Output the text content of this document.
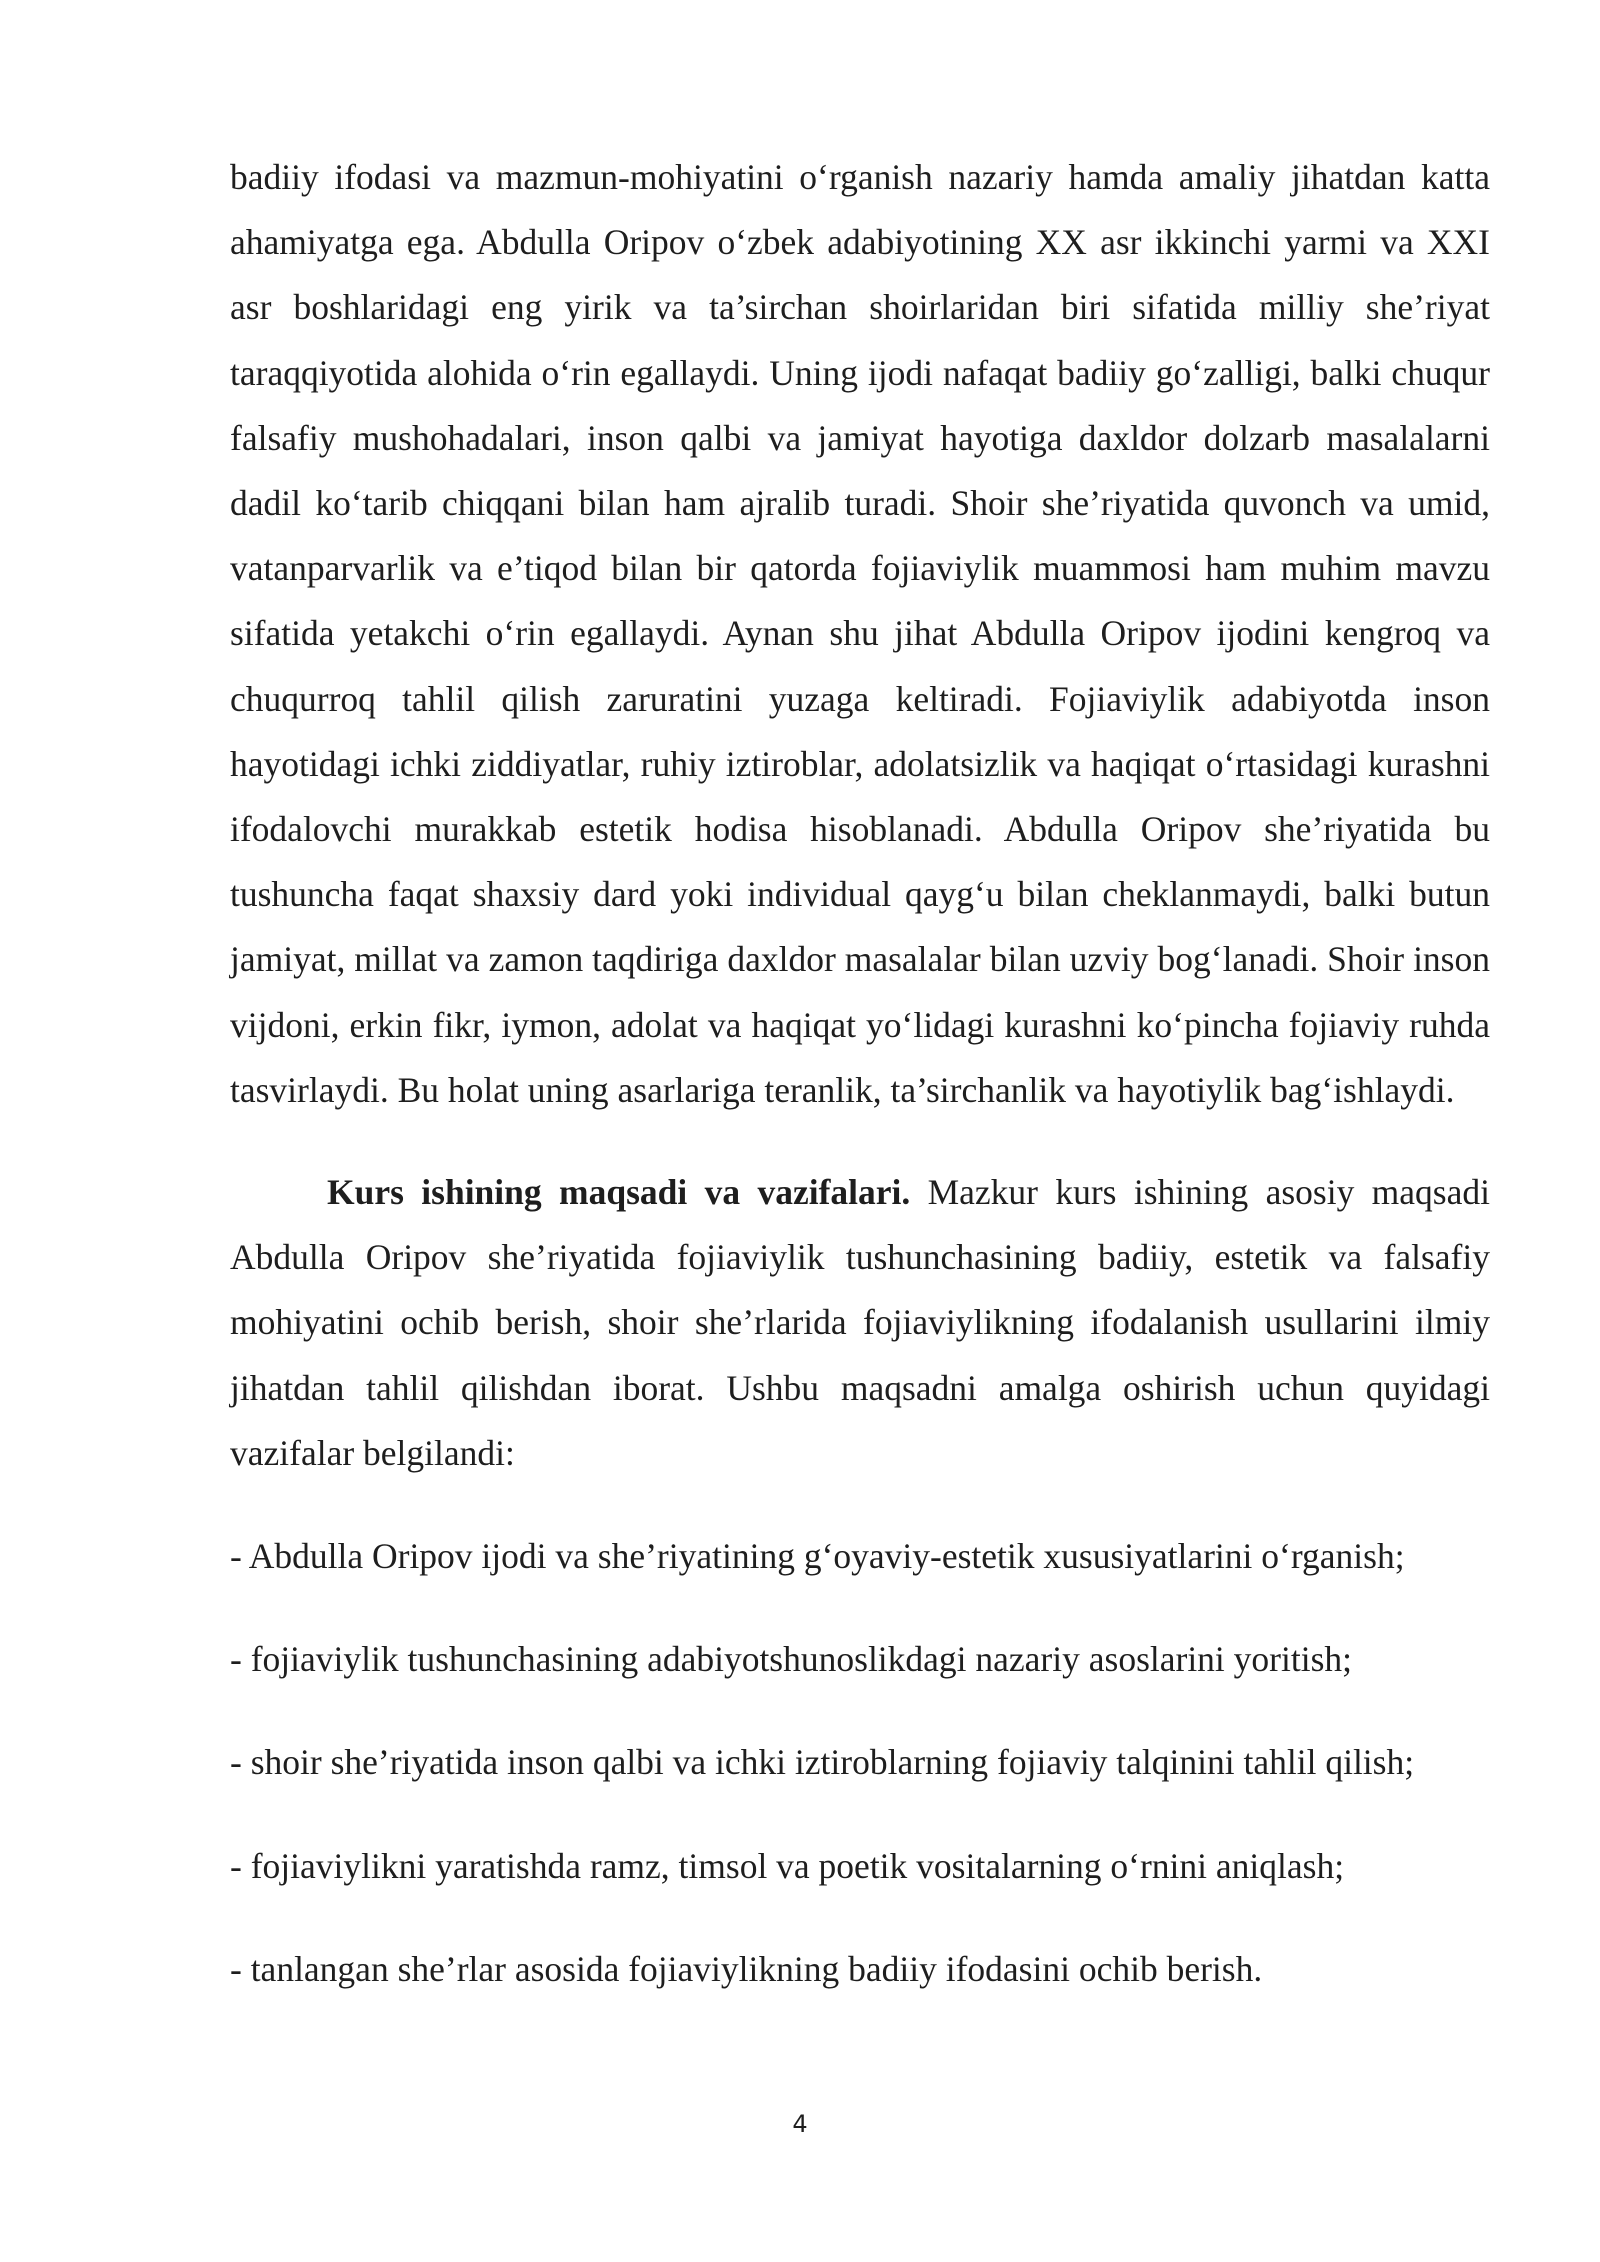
badiiy ifodasi va mazmun-mohiyatini o‘rganish nazariy hamda amaliy jihatdan katta ahamiyatga ega. Abdulla Oripov o‘zbek adabiyotining XX asr ikkinchi yarmi va XXI asr boshlaridagi eng yirik va ta’sirchan shoirlaridan biri sifatida milliy she’riyat taraqqiyotida alohida o‘rin egallaydi. Uning ijodi nafaqat badiiy go‘zalligi, balki chuqur falsafiy mushohadalari, inson qalbi va jamiyat hayotiga daxldor dolzarb masalalarni dadil ko‘tarib chiqqani bilan ham ajralib turadi. Shoir she’riyatida quvonch va umid, vatanparvarlik va e’tiqod bilan bir qatorda fojiaviylik muammosi ham muhim mavzu sifatida yetakchi o‘rin egallaydi. Aynan shu jihat Abdulla Oripov ijodini kengroq va chuqurroq tahlil qilish zaruratini yuzaga keltiradi. Fojiaviylik adabiyotda inson hayotidagi ichki ziddiyatlar, ruhiy iztiroblar, adolatsizlik va haqiqat o‘rtasidagi kurashni ifodalovchi murakkab estetik hodisa hisoblanadi. Abdulla Oripov she’riyatida bu tushuncha faqat shaxsiy dard yoki individual qayg‘u bilan cheklanmaydi, balki butun jamiyat, millat va zamon taqdiriga daxldor masalalar bilan uzviy bog‘lanadi. Shoir inson vijdoni, erkin fikr, iymon, adolat va haqiqat yo‘lidagi kurashni ko‘pincha fojiaviy ruhda tasvirlaydi. Bu holat uning asarlariga teranlik, ta’sirchanlik va hayotiylik bag‘ishlaydi.

Kurs ishining maqsadi va vazifalari. Mazkur kurs ishining asosiy maqsadi Abdulla Oripov she’riyatida fojiaviylik tushunchasining badiiy, estetik va falsafiy mohiyatini ochib berish, shoir she’rlarida fojiaviylikning ifodalanish usullarini ilmiy jihatdan tahlil qilishdan iborat. Ushbu maqsadni amalga oshirish uchun quyidagi vazifalar belgilandi:

- Abdulla Oripov ijodi va she’riyatining g‘oyaviy-estetik xususiyatlarini o‘rganish;
- fojiaviylik tushunchasining adabiyotshunoslikdagi nazariy asoslarini yoritish;
- shoir she’riyatida inson qalbi va ichki iztiroblarning fojiaviy talqinini tahlil qilish;
- fojiaviylikni yaratishda ramz, timsol va poetik vositalarning o‘rnini aniqlash;
- tanlangan she’rlar asosida fojiaviylikning badiiy ifodasini ochib berish.
4
